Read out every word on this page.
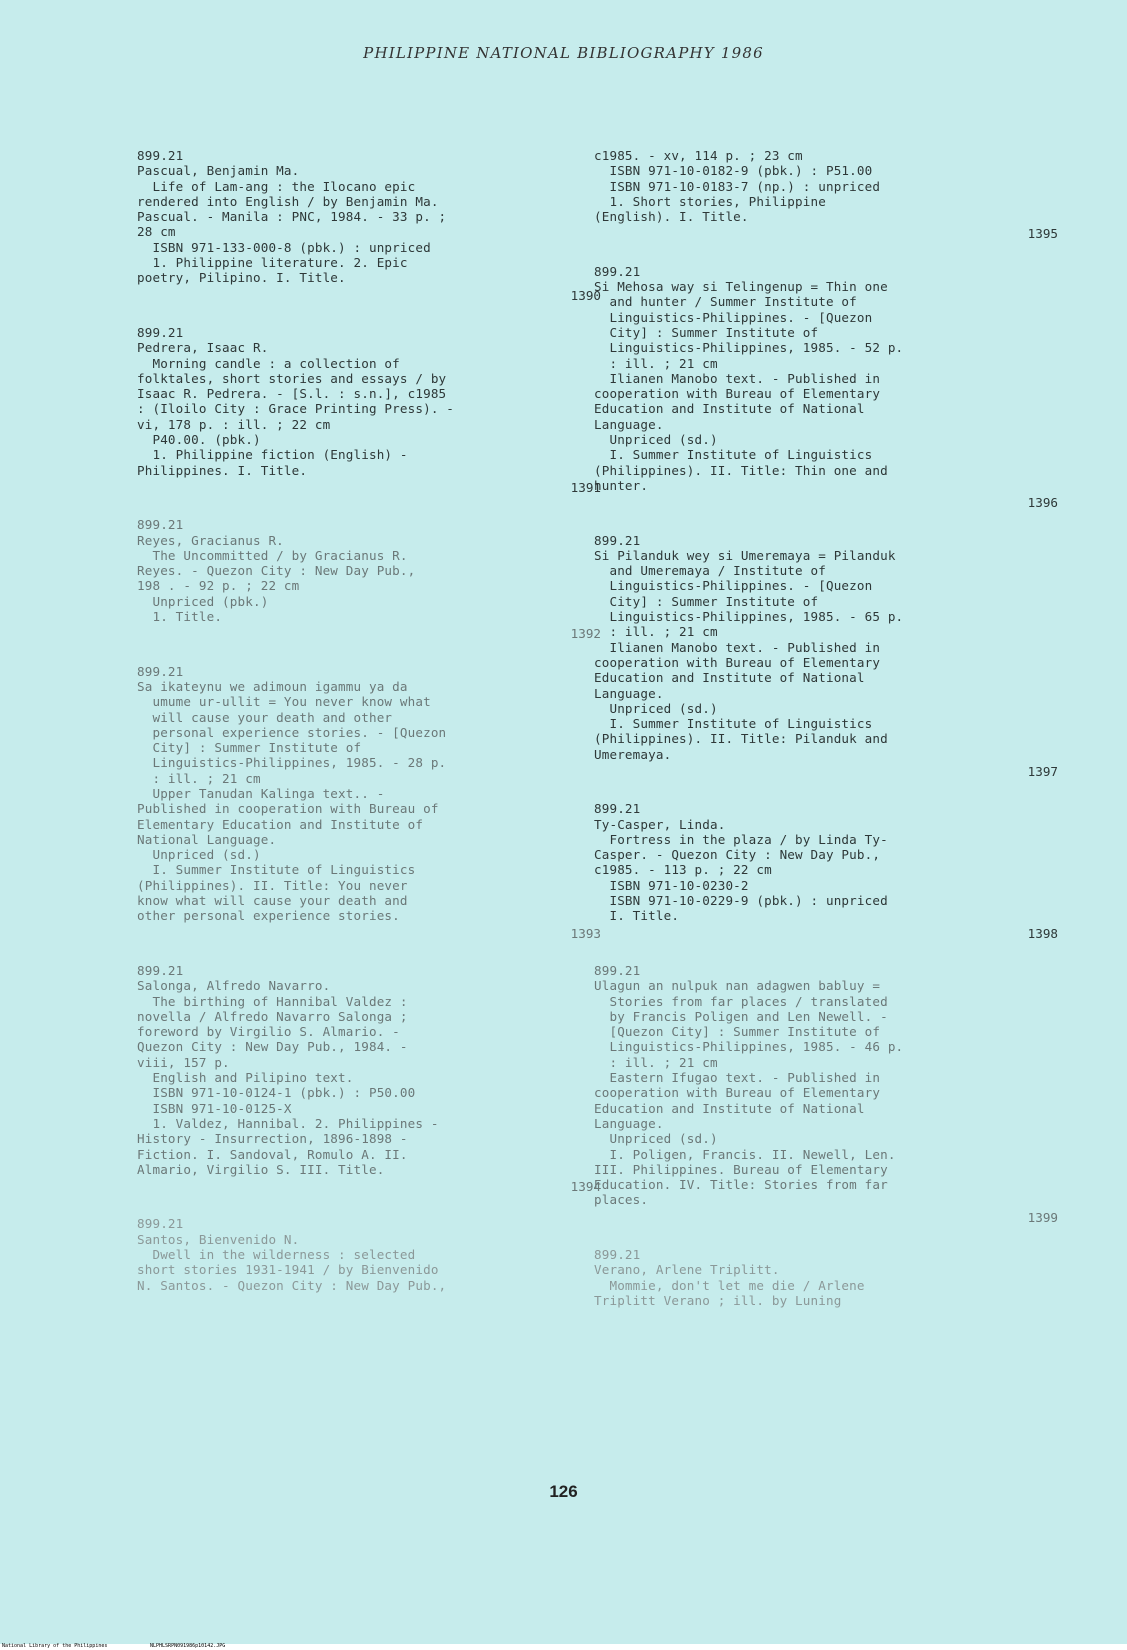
PHILIPPINE NATIONAL BIBLIOGRAPHY 1986
899.21
Pascual, Benjamin Ma.
Life of Lam-ang : the Ilocano epic
rendered into English / by Benjamin Ma.
Pascual. - Manila : PNC, 1984. - 33 p. ;
28 cm
ISBN 971-133-000-8 (pbk.) : unpriced
1. Philippine literature. 2. Epic
poetry, Pilipino. I. Title.
1390
899.21
Pedrera, Isaac R.
Morning candle : a collection of
folktales, short stories and essays / by
Isaac R. Pedrera. - [S.l. : s.n.], c1985
: (Iloilo City : Grace Printing Press). -
vi, 178 p. : ill. ; 22 cm
P40.00. (pbk.)
1. Philippine fiction (English) -
Philippines. I. Title.
1391
899.21
Reyes, Gracianus R.
The Uncommitted / by Gracianus R.
Reyes. - Quezon City : New Day Pub.,
198 . - 92 p. ; 22 cm
Unpriced (pbk.)
1. Title.
1392
899.21
Sa ikateynu we adimoun igammu ya da
umume ur-ullit = You never know what
will cause your death and other
personal experience stories. - [Quezon
City] : Summer Institute of
Linguistics-Philippines, 1985. - 28 p.
: ill. ; 21 cm
Upper Tanudan Kalinga text.. -
Published in cooperation with Bureau of
Elementary Education and Institute of
National Language.
Unpriced (sd.)
I. Summer Institute of Linguistics
(Philippines). II. Title: You never
know what will cause your death and
other personal experience stories.
1393
899.21
Salonga, Alfredo Navarro.
The birthing of Hannibal Valdez :
novella / Alfredo Navarro Salonga ;
foreword by Virgilio S. Almario. -
Quezon City : New Day Pub., 1984. -
viii, 157 p.
English and Pilipino text.
ISBN 971-10-0124-1 (pbk.) : P50.00
ISBN 971-10-0125-X
1. Valdez, Hannibal. 2. Philippines -
History - Insurrection, 1896-1898 -
Fiction. I. Sandoval, Romulo A. II.
Almario, Virgilio S. III. Title.
1394
899.21
Santos, Bienvenido N.
Dwell in the wilderness : selected
short stories 1931-1941 / by Bienvenido
N. Santos. - Quezon City : New Day Pub.,
c1985. - xv, 114 p. ; 23 cm
ISBN 971-10-0182-9 (pbk.) : P51.00
ISBN 971-10-0183-7 (np.) : unpriced
1. Short stories, Philippine
(English). I. Title.
1395
899.21
Si Mehosa way si Telingenup = Thin one
and hunter / Summer Institute of
Linguistics-Philippines. - [Quezon
City] : Summer Institute of
Linguistics-Philippines, 1985. - 52 p.
: ill. ; 21 cm
Ilianen Manobo text. - Published in
cooperation with Bureau of Elementary
Education and Institute of National
Language.
Unpriced (sd.)
I. Summer Institute of Linguistics
(Philippines). II. Title: Thin one and
hunter.
1396
899.21
Si Pilanduk wey si Umeremaya = Pilanduk
and Umeremaya / Institute of
Linguistics-Philippines. - [Quezon
City] : Summer Institute of
Linguistics-Philippines, 1985. - 65 p.
: ill. ; 21 cm
Ilianen Manobo text. - Published in
cooperation with Bureau of Elementary
Education and Institute of National
Language.
Unpriced (sd.)
I. Summer Institute of Linguistics
(Philippines). II. Title: Pilanduk and
Umeremaya.
1397
899.21
Ty-Casper, Linda.
Fortress in the plaza / by Linda Ty-
Casper. - Quezon City : New Day Pub.,
c1985. - 113 p. ; 22 cm
ISBN 971-10-0230-2
ISBN 971-10-0229-9 (pbk.) : unpriced
I. Title.
1398
899.21
Ulagun an nulpuk nan adagwen babluy =
Stories from far places / translated
by Francis Poligen and Len Newell. -
[Quezon City] : Summer Institute of
Linguistics-Philippines, 1985. - 46 p.
: ill. ; 21 cm
Eastern Ifugao text. - Published in
cooperation with Bureau of Elementary
Education and Institute of National
Language.
Unpriced (sd.)
I. Poligen, Francis. II. Newell, Len.
III. Philippines. Bureau of Elementary
Education. IV. Title: Stories from far
places.
1399
899.21
Verano, Arlene Triplitt.
Mommie, don't let me die / Arlene
Triplitt Verano ; ill. by Luning
126
National Library of the Philippines	NLPHLSRPN091986p10142.JPG
